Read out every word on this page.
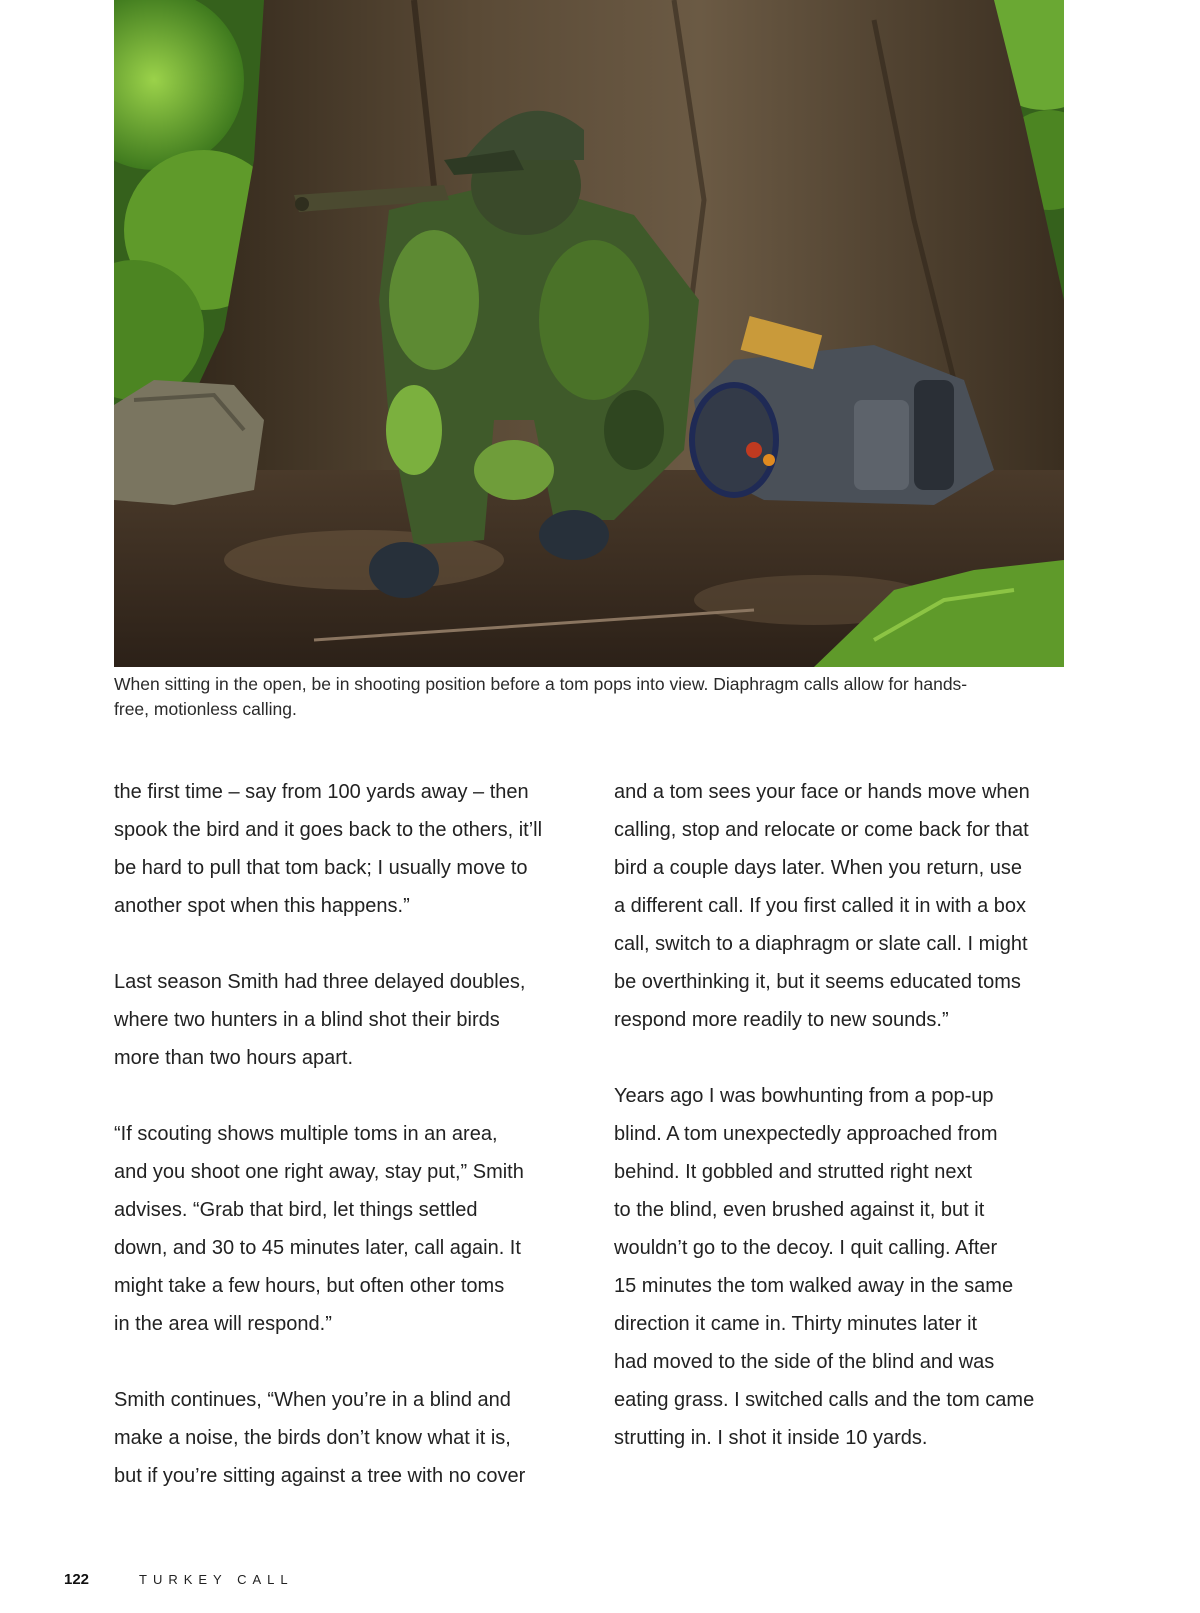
When sitting in the open, be in shooting position before a tom pops into view. Diaphragm calls allow for hands-
free, motionless calling.

the first time – say from 100 yards away – then
spook the bird and it goes back to the others, it’ll
be hard to pull that tom back; I usually move to
another spot when this happens.”

Last season Smith had three delayed doubles,
where two hunters in a blind shot their birds
more than two hours apart.

“If scouting shows multiple toms in an area,
and you shoot one right away, stay put,” Smith
advises. “Grab that bird, let things settled
down, and 30 to 45 minutes later, call again. It
might take a few hours, but often other toms
in the area will respond.”

Smith continues, “When you’re in a blind and
make a noise, the birds don’t know what it is,
but if you’re sitting against a tree with no cover

and a tom sees your face or hands move when
calling, stop and relocate or come back for that
bird a couple days later. When you return, use
a different call. If you first called it in with a box
call, switch to a diaphragm or slate call. I might
be overthinking it, but it seems educated toms
respond more readily to new sounds.”

Years ago I was bowhunting from a pop-up
blind. A tom unexpectedly approached from
behind. It gobbled and strutted right next
to the blind, even brushed against it, but it
wouldn’t go to the decoy. I quit calling. After
15 minutes the tom walked away in the same
direction it came in. Thirty minutes later it
had moved to the side of the blind and was
eating grass. I switched calls and the tom came
strutting in. I shot it inside 10 yards.

122	TURKEY CALL
